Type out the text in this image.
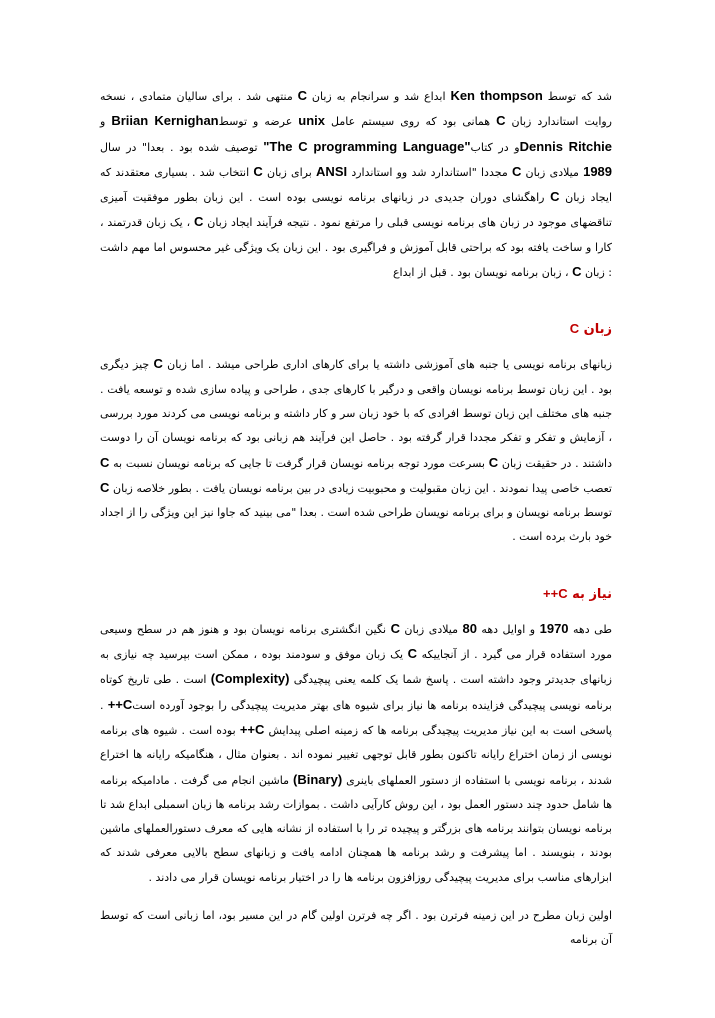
شد که توسط Ken thompson ابداع شد و سرانجام به زبان C منتهی شد . برای سالیان متمادی ، نسخه روایت استاندارد زبان C همانی بود که روی سیستم عامل unix عرضه و توسطBriian Kernighan و Dennis Ritchieو در کتاب"The C programming Language" توصیف شده بود . بعدا" در سال 1989 میلادی زبان C مجددا "استاندارد شد وو استاندارد ANSI برای زبان C انتخاب شد . بسیاری معتقدند که ایجاد زبان C راهگشای دوران جدیدی در زبانهای برنامه نویسی بوده است . این زبان بطور موفقیت آمیزی تناقضهای موجود در زبان های برنامه نویسی قبلی را مرتفع نمود . نتیجه فرآیند ایجاد زبان C ، یک زبان قدرتمند ، کارا و ساخت یافته بود که براحتی قابل آموزش و فراگیری بود . این زبان یک ویژگی غیر محسوس اما مهم داشت : زبان C ، زبان برنامه نویسان بود . قبل از ابداع

زبان C

زبانهای برنامه نویسی یا جنبه های آموزشی داشته یا برای کارهای اداری طراحی میشد . اما زبان C چیز دیگری بود . این زبان توسط برنامه نویسان واقعی و درگیر با کارهای جدی ، طراحی و پیاده سازی شده و توسعه یافت . جنبه های مختلف این زبان توسط افرادی که با خود زبان سر و کار داشته و برنامه نویسی می کردند مورد بررسی ، آزمایش و تفکر و تفکر مجددا قرار گرفته بود . حاصل این فرآیند هم زبانی بود که برنامه نویسان آن را دوست داشتند . در حقیقت زبان C بسرعت مورد توجه برنامه نویسان قرار گرفت تا جایی که برنامه نویسان نسبت به C تعصب خاصی پیدا نمودند . این زبان مقبولیت و محبوبیت زیادی در بین برنامه نویسان یافت . بطور خلاصه زبان C توسط برنامه نویسان و برای برنامه نویسان طراحی شده است . بعدا "می بینید که جاوا نیز این ویژگی را از اجداد خود بارث برده است .

نیاز به C++

طی دهه 1970 و اوایل دهه 80 میلادی زبان C نگین انگشتری برنامه نویسان بود و هنوز هم در سطح وسیعی مورد استفاده قرار می گیرد . از آنجاییکه C یک زبان موفق و سودمند بوده ، ممکن است بپرسید چه نیازی به زبانهای جدیدتر وجود داشته است . پاسخ شما یک کلمه یعنی پیچیدگی (Complexity) است . طی تاریخ کوتاه برنامه نویسی پیچیدگی فزاینده برنامه ها نیاز برای شیوه های بهتر مدیریت پیچیدگی را بوجود آورده استC++ . پاسخی است به این نیاز مدیریت پیچیدگی برنامه ها که زمینه اصلی پیدایش C++ بوده است . شیوه های برنامه نویسی از زمان اختراع رایانه تاکنون بطور قابل توجهی تغییر نموده اند . بعنوان مثال ، هنگامیکه رایانه ها اختراع شدند ، برنامه نویسی با استفاده از دستور العملهای باینری (Binary) ماشین انجام می گرفت . مادامیکه برنامه ها شامل حدود چند دستور العمل بود ، این روش کارآیی داشت . بموازات رشد برنامه ها زبان اسمبلی ابداع شد تا برنامه نویسان بتوانند برنامه های بزرگتر و پیچیده تر را با استفاده از نشانه هایی که معرف دستورالعملهای ماشین بودند ، بنویسند . اما پیشرفت و رشد برنامه ها همچنان ادامه یافت و زبانهای سطح بالایی معرفی شدند که ابزارهای مناسب برای مدیریت پیچیدگی روزافزون برنامه ها را در اختیار برنامه نویسان قرار می دادند .

اولین زبان مطرح در این زمینه فرترن بود . اگر چه فرترن اولین گام در این مسیر بود، اما زبانی است که توسط آن برنامه
